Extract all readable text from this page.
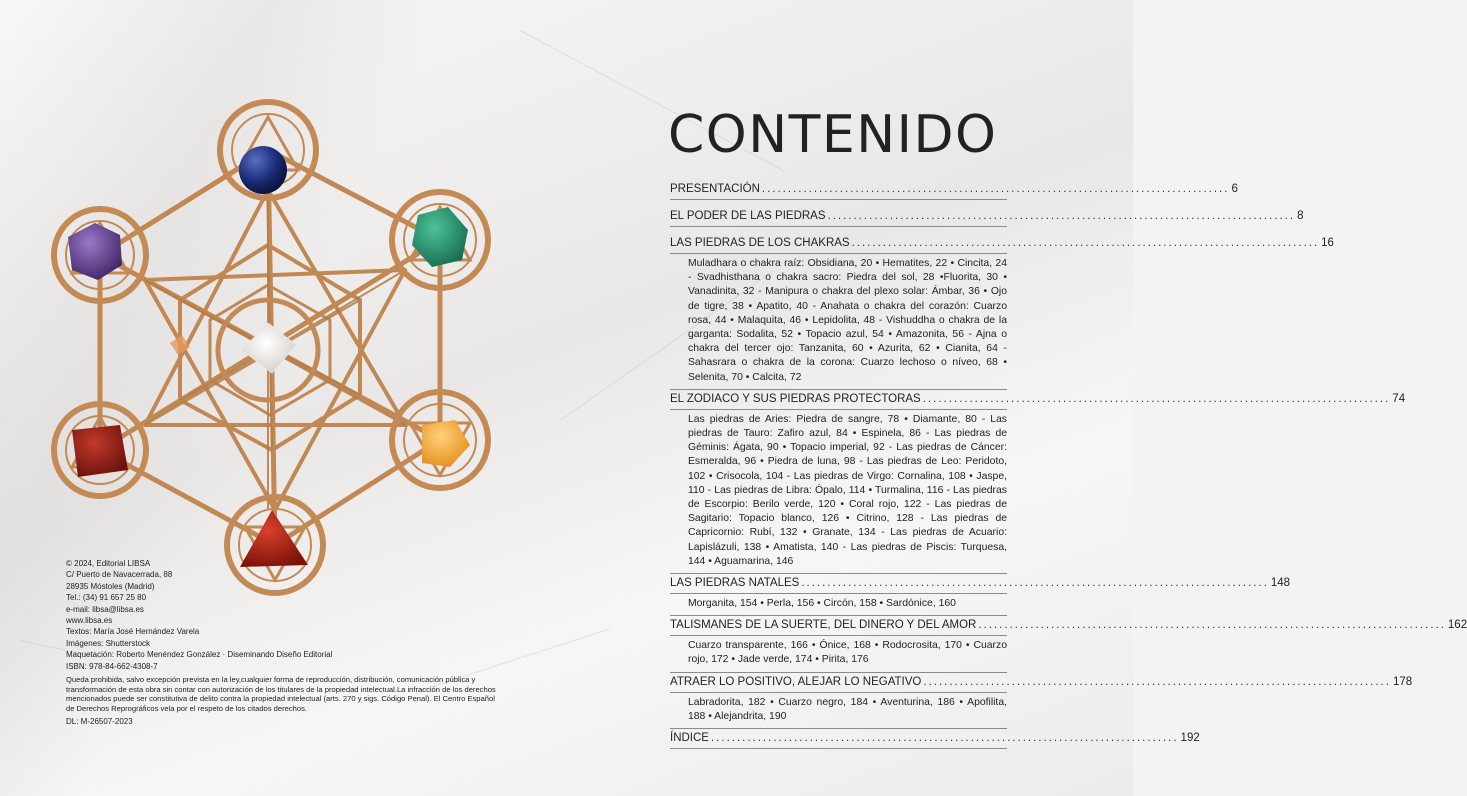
© 2024, Editorial LIBSA
C/ Puerto de Navacerrada, 88
28935 Móstoles (Madrid)
Tel.: (34) 91 657 25 80
e-mail: libsa@libsa.es
www.libsa.es
Textos: María José Hernández Varela
Imágenes: Shutterstock
Maquetación: Roberto Menéndez González · Diseminando Diseño Editorial
ISBN: 978-84-662-4308-7
Queda prohibida, salvo excepción prevista en la ley,cualquier forma de reproducción, distribución, comunicación pública y transformación de esta obra sin contar con autorización de los titulares de la propiedad intelectual.La infracción de los derechos mencionados puede ser constitutiva de delito contra la propiedad intelectual (arts. 270 y sigs. Código Penal). El Centro Español de Derechos Reprográficos vela por el respeto de los citados derechos.
DL: M-26507-2023
CONTENIDO
PRESENTACIÓN .......................................................................................... 6
EL PODER DE LAS PIEDRAS .......................................................................................... 8
LAS PIEDRAS DE LOS CHAKRAS .......................................................................................... 16
Muladhara o chakra raíz: Obsidiana, 20 • Hematites, 22 • Cincita, 24 - Svadhisthana o chakra sacro: Piedra del sol, 28 •Fluorita, 30 • Vanadinita, 32 - Manipura o chakra del plexo solar: Ámbar, 36 • Ojo de tigre, 38 • Apatito, 40 - Anahata o chakra del corazón: Cuarzo rosa, 44 • Malaquita, 46 • Lepidolita, 48 - Vishuddha o chakra de la garganta: Sodalita, 52 • Topacio azul, 54 • Amazonita, 56 - Ajna o chakra del tercer ojo: Tanzanita, 60 • Azurita, 62 • Cianita, 64 - Sahasrara o chakra de la corona: Cuarzo lechoso o níveo, 68 • Selenita, 70 • Calcita, 72
EL ZODIACO Y SUS PIEDRAS PROTECTORAS .......................................................................................... 74
Las piedras de Aries: Piedra de sangre, 78 • Diamante, 80 - Las piedras de Tauro: Zafiro azul, 84 • Espinela, 86 - Las piedras de Géminis: Ágata, 90 • Topacio imperial, 92 - Las piedras de Cáncer: Esmeralda, 96 • Piedra de luna, 98 - Las piedras de Leo: Peridoto, 102 • Crisocola, 104 - Las piedras de Virgo: Cornalina, 108 • Jaspe, 110 - Las piedras de Libra: Ópalo, 114 • Turmalina, 116 - Las piedras de Escorpio: Berilo verde, 120 • Coral rojo, 122 - Las piedras de Sagitario: Topacio blanco, 126 • Citrino, 128 - Las piedras de Capricornio: Rubí, 132 • Granate, 134 - Las piedras de Acuario: Lapislázuli, 138 • Amatista, 140 - Las piedras de Piscis: Turquesa, 144 • Aguamarina, 146
LAS PIEDRAS NATALES .......................................................................................... 148
Morganita, 154 • Perla, 156 • Circón, 158 • Sardónice, 160
TALISMANES DE LA SUERTE, DEL DINERO Y DEL AMOR .......................................................................................... 162
Cuarzo transparente, 166 • Ónice, 168 • Rodocrosita, 170 • Cuarzo rojo, 172 • Jade verde, 174 • Pirita, 176
ATRAER LO POSITIVO, ALEJAR LO NEGATIVO .......................................................................................... 178
Labradorita, 182 • Cuarzo negro, 184 • Aventurina, 186 • Apofilita, 188 • Alejandrita, 190
ÍNDICE .......................................................................................... 192
